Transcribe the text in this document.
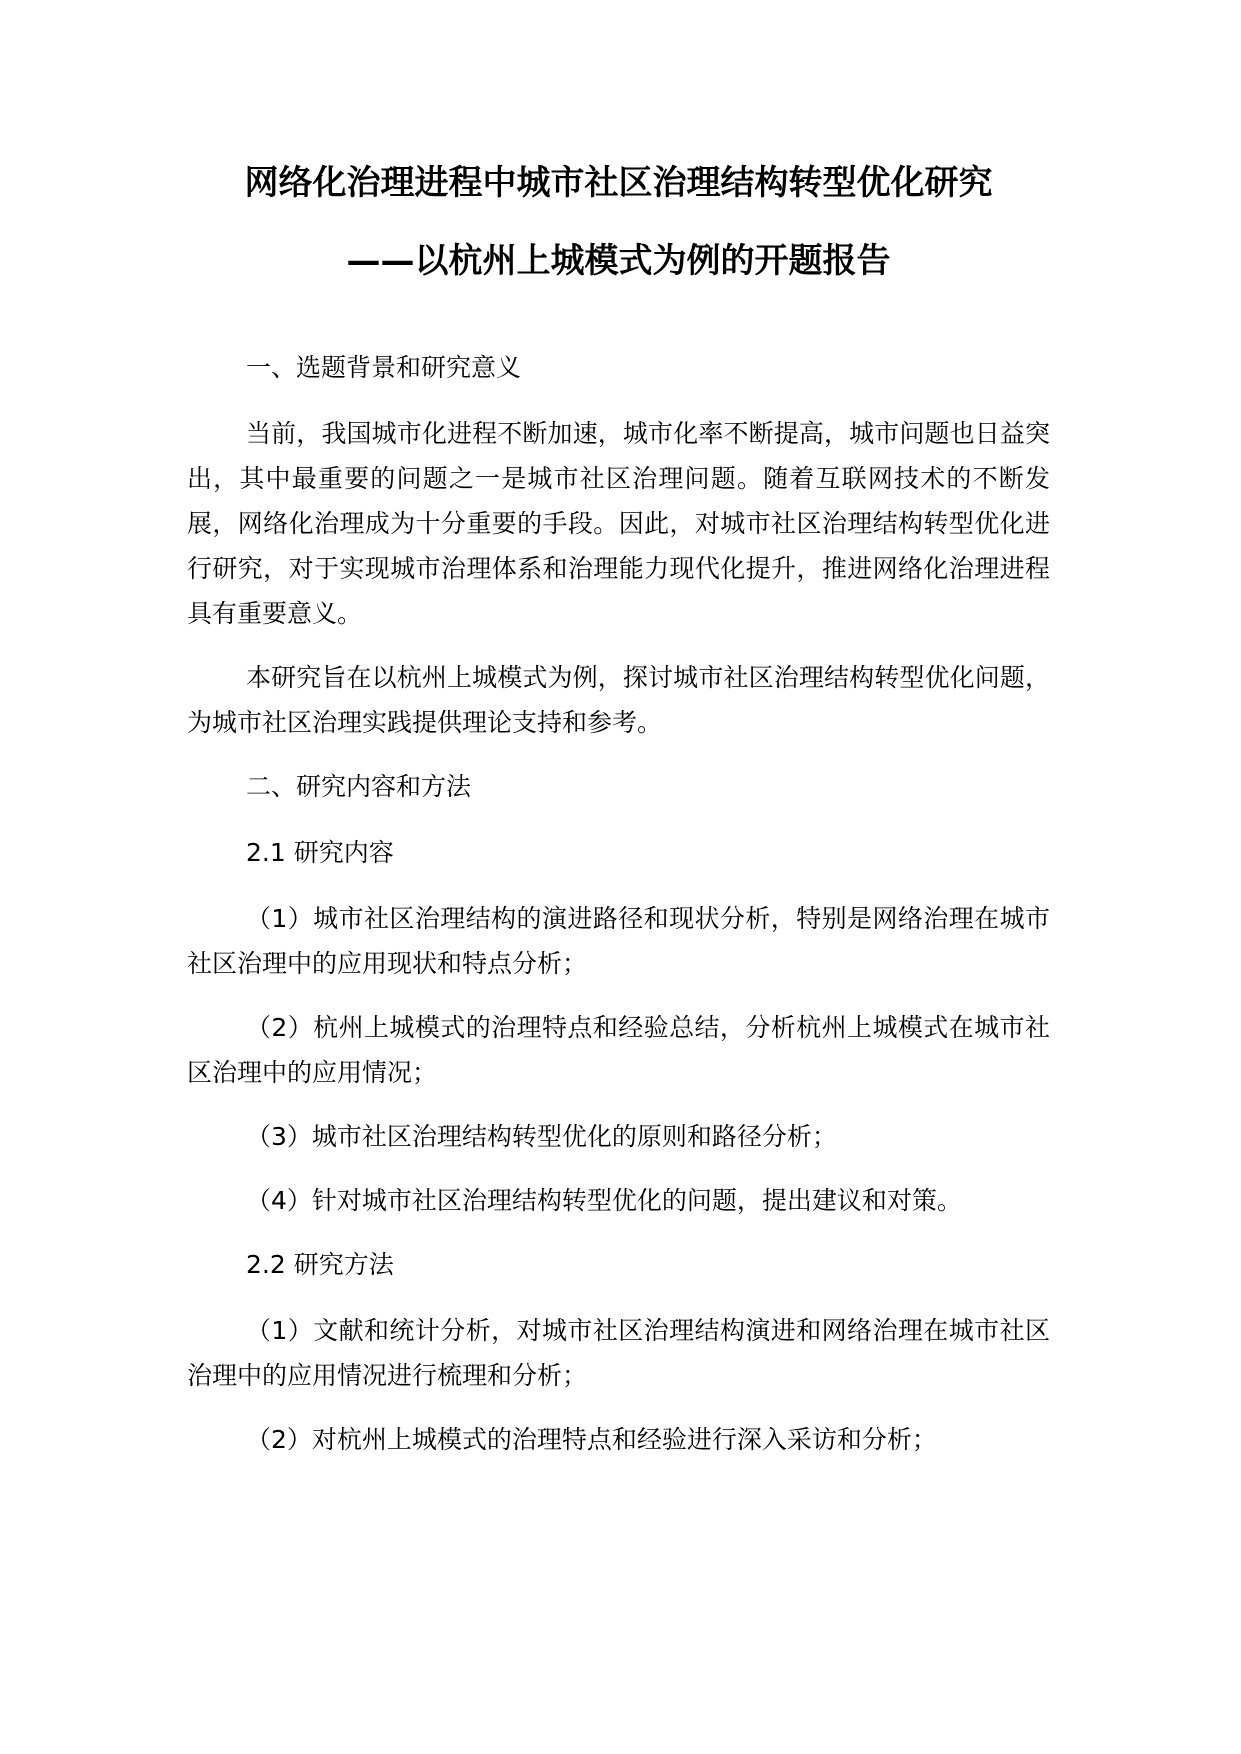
网络化治理进程中城市社区治理结构转型优化研究
——以杭州上城模式为例的开题报告

一、选题背景和研究意义

当前，我国城市化进程不断加速，城市化率不断提高，城市问题也日益突出，其中最重要的问题之一是城市社区治理问题。随着互联网技术的不断发展，网络化治理成为十分重要的手段。因此，对城市社区治理结构转型优化进行研究，对于实现城市治理体系和治理能力现代化提升，推进网络化治理进程具有重要意义。

本研究旨在以杭州上城模式为例，探讨城市社区治理结构转型优化问题，为城市社区治理实践提供理论支持和参考。

二、研究内容和方法

2.1 研究内容

（1）城市社区治理结构的演进路径和现状分析，特别是网络治理在城市社区治理中的应用现状和特点分析；

（2）杭州上城模式的治理特点和经验总结，分析杭州上城模式在城市社区治理中的应用情况；

（3）城市社区治理结构转型优化的原则和路径分析；

（4）针对城市社区治理结构转型优化的问题，提出建议和对策。

2.2 研究方法

（1）文献和统计分析，对城市社区治理结构演进和网络治理在城市社区治理中的应用情况进行梳理和分析；

（2）对杭州上城模式的治理特点和经验进行深入采访和分析；
